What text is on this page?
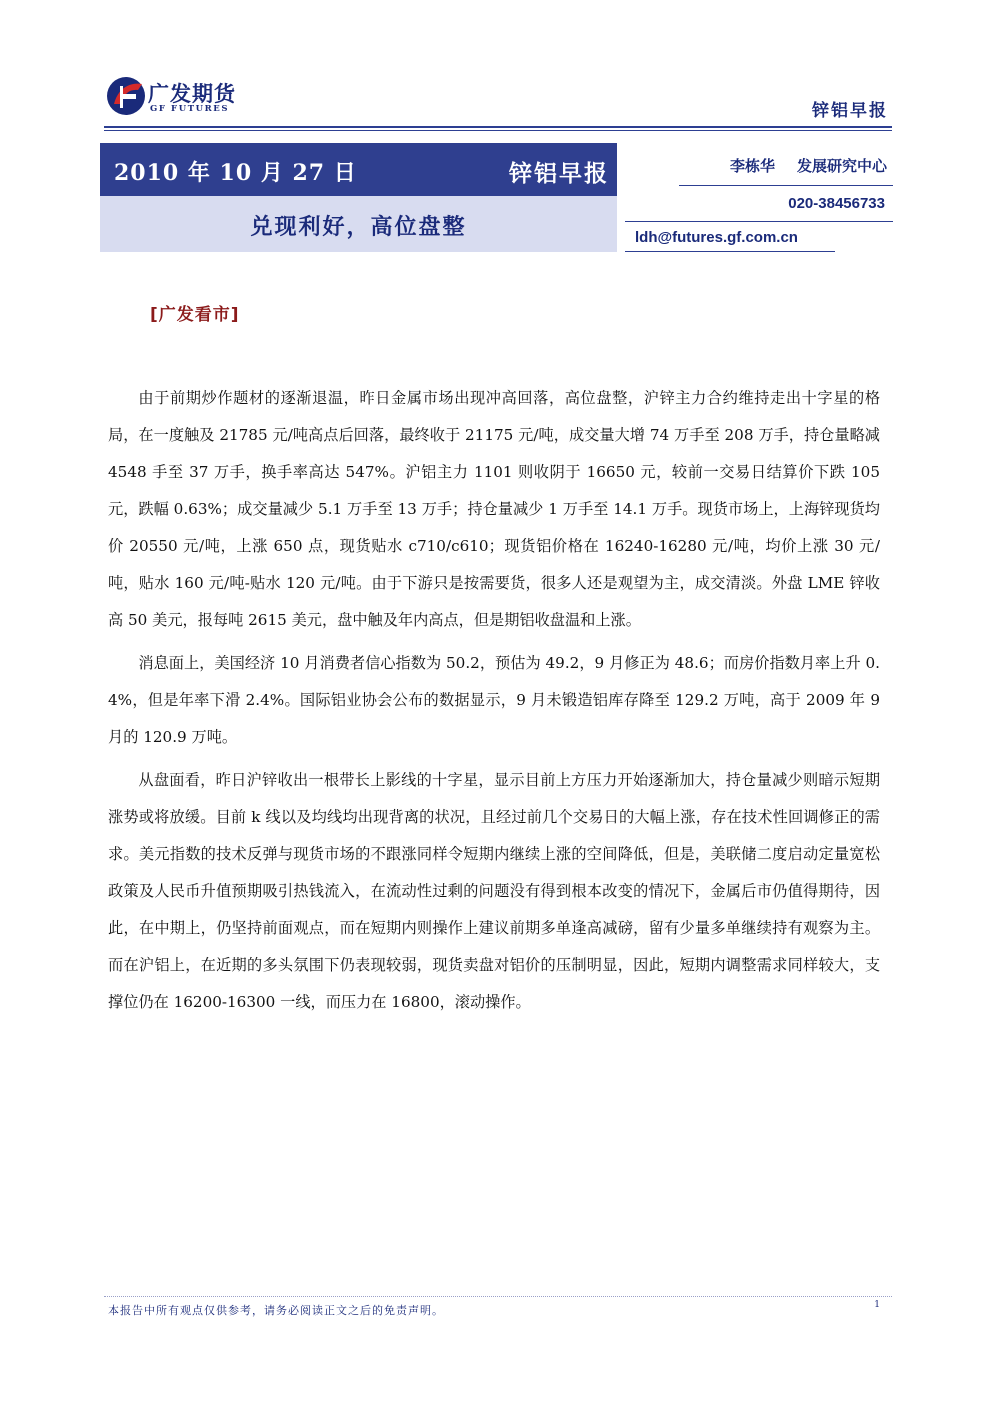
广发期货
GF FUTURES	锌铝早报
2010 年 10 月 27 日	锌铝早报
兑现利好，高位盘整
李栋华 发展研究中心
020-38456733
ldh@futures.gf.com.cn
[广发看市]

由于前期炒作题材的逐渐退温，昨日金属市场出现冲高回落，高位盘整，沪锌主力合约维持走出十字星的格局，在一度触及 21785 元/吨高点后回落，最终收于 21175 元/吨，成交量大增 74 万手至 208 万手，持仓量略减 4548 手至 37 万手，换手率高达 547%。沪铝主力 1101 则收阴于 16650 元，较前一交易日结算价下跌 105 元，跌幅 0.63%；成交量减少 5.1 万手至 13 万手；持仓量减少 1 万手至 14.1 万手。现货市场上，上海锌现货均价 20550 元/吨，上涨 650 点，现货贴水 c710/c610；现货铝价格在 16240-16280 元/吨，均价上涨 30 元/吨，贴水 160 元/吨-贴水 120 元/吨。由于下游只是按需要货，很多人还是观望为主，成交清淡。外盘 LME 锌收高 50 美元，报每吨 2615 美元，盘中触及年内高点，但是期铝收盘温和上涨。

消息面上，美国经济 10 月消费者信心指数为 50.2，预估为 49.2，9 月修正为 48.6；而房价指数月率上升 0.4%，但是年率下滑 2.4%。国际铝业协会公布的数据显示，9 月未锻造铝库存降至 129.2 万吨，高于 2009 年 9 月的 120.9 万吨。

从盘面看，昨日沪锌收出一根带长上影线的十字星，显示目前上方压力开始逐渐加大，持仓量减少则暗示短期涨势或将放缓。目前 k 线以及均线均出现背离的状况，且经过前几个交易日的大幅上涨，存在技术性回调修正的需求。美元指数的技术反弹与现货市场的不跟涨同样令短期内继续上涨的空间降低，但是，美联储二度启动定量宽松政策及人民币升值预期吸引热钱流入，在流动性过剩的问题没有得到根本改变的情况下，金属后市仍值得期待，因此，在中期上，仍坚持前面观点，而在短期内则操作上建议前期多单逢高减磅，留有少量多单继续持有观察为主。而在沪铝上，在近期的多头氛围下仍表现较弱，现货卖盘对铝价的压制明显，因此，短期内调整需求同样较大，支撑位仍在 16200-16300 一线，而压力在 16800，滚动操作。

本报告中所有观点仅供参考，请务必阅读正文之后的免责声明。	1
